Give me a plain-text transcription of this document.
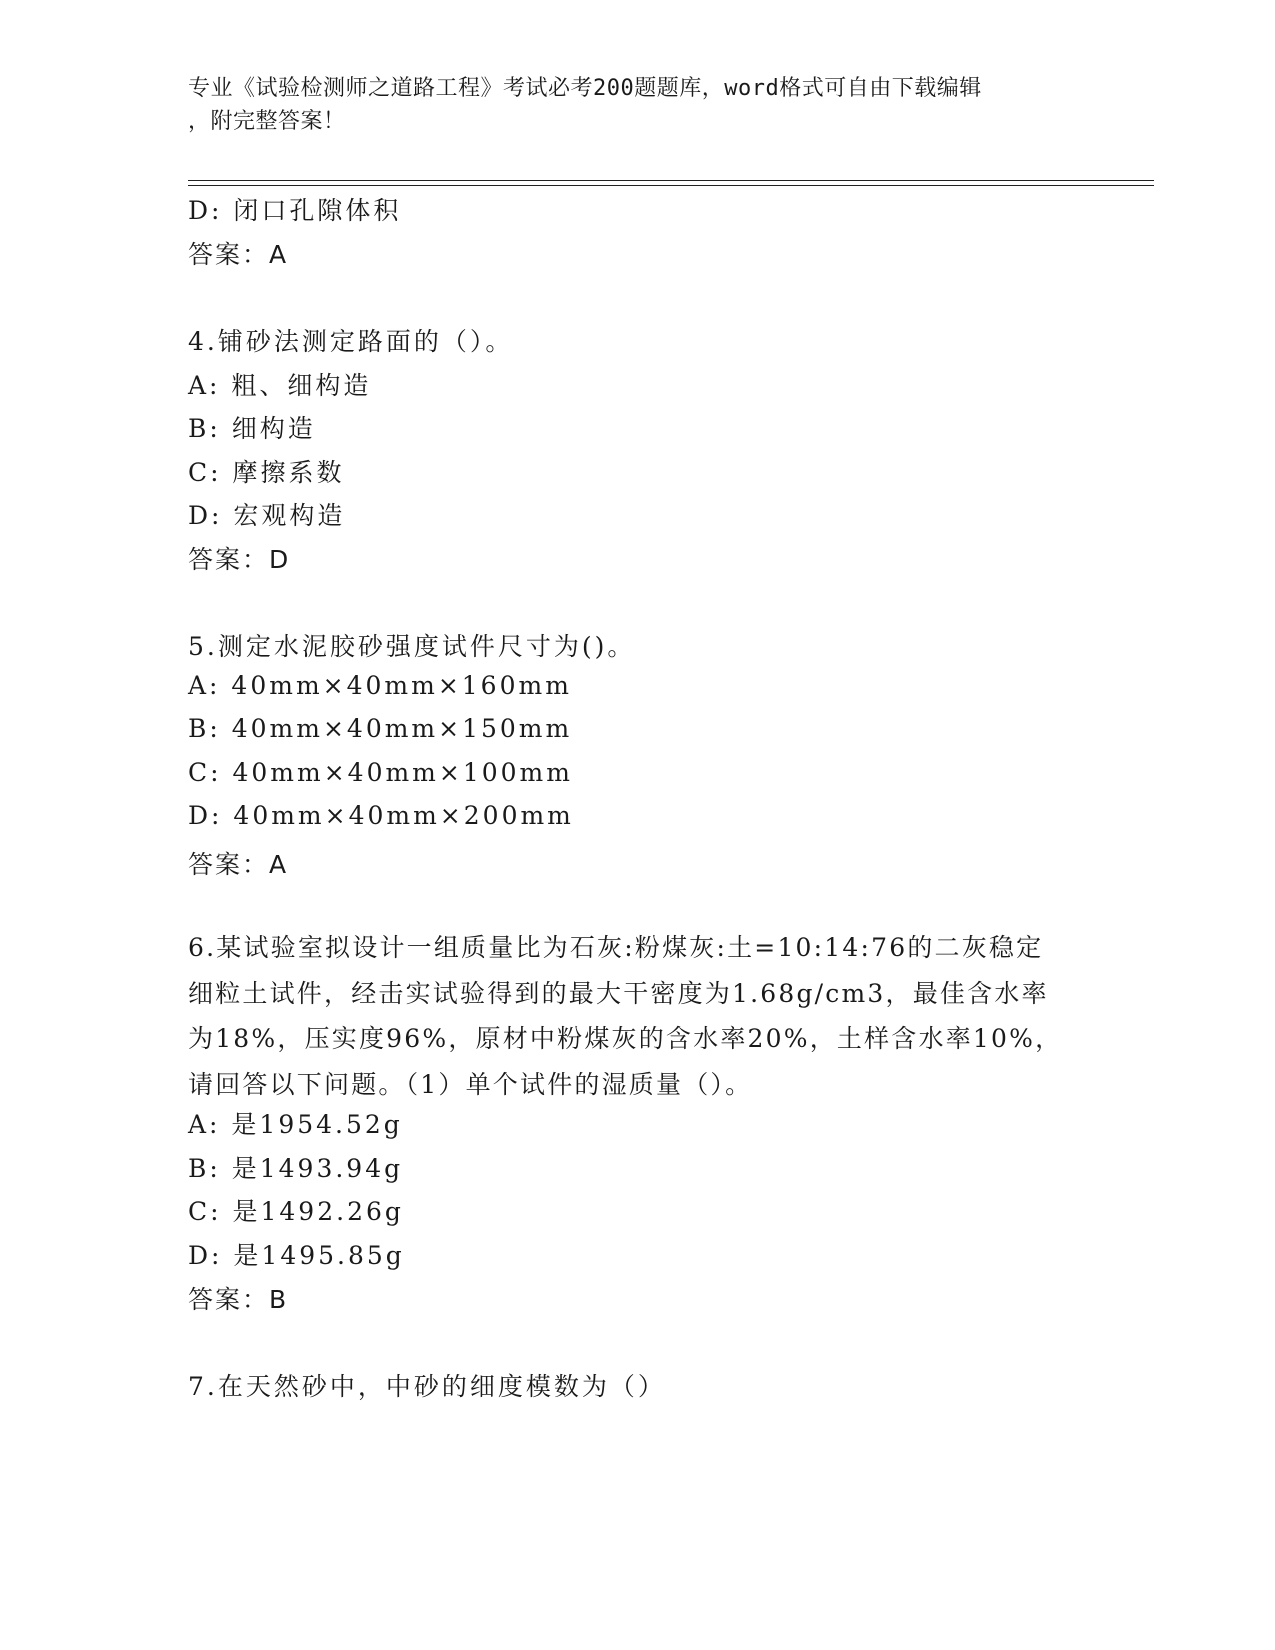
专业《试验检测师之道路工程》考试必考200题题库，word格式可自由下载编辑
，附完整答案！
D: 闭口孔隙体积
答案：A
4.铺砂法测定路面的（）。
A: 粗、细构造
B: 细构造
C: 摩擦系数
D: 宏观构造
答案：D
5.测定水泥胶砂强度试件尺寸为()。
A: 40mm×40mm×160mm
B: 40mm×40mm×150mm
C: 40mm×40mm×100mm
D: 40mm×40mm×200mm
答案：A
6.某试验室拟设计一组质量比为石灰:粉煤灰:土=10:14:76的二灰稳定
细粒土试件，经击实试验得到的最大干密度为1.68g/cm3，最佳含水率
为18%，压实度96%，原材中粉煤灰的含水率20%，土样含水率10%，
请回答以下问题。（1）单个试件的湿质量（）。
A: 是1954.52g
B: 是1493.94g
C: 是1492.26g
D: 是1495.85g
答案：B
7.在天然砂中，中砂的细度模数为（）
